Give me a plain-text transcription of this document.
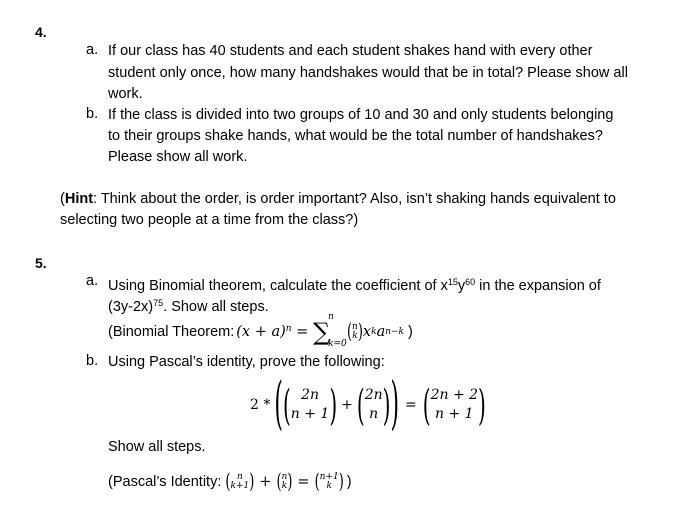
4.
a. If our class has 40 students and each student shakes hand with every other
student only once, how many handshakes would that be in total? Please show all
work.
b. If the class is divided into two groups of 10 and 30 and only students belonging
to their groups shake hands, what would be the total number of handshakes?
Please show all work.
(Hint: Think about the order, is order important? Also, isn’t shaking hands equivalent to
selecting two people at a time from the class?)
5.
a. Using Binomial theorem, calculate the coefficient of $x^{15}y^{60}$ in the expansion of
$(3y-2x)^{75}$. Show all steps.
(Binomial Theorem: $(x + a)^n$ = ∑
n
k=0 ( n
k ) x k a n−k )
b. Using Pascal’s identity, prove the following:
2 * ( ( 2n
n + 1 ) + ( 2n
n ) ) = ( 2n + 2
n + 1 )
Show all steps.
(Pascal’s Identity: ( n
k+1 ) + ( n
k ) = ( n+1
k ) )
